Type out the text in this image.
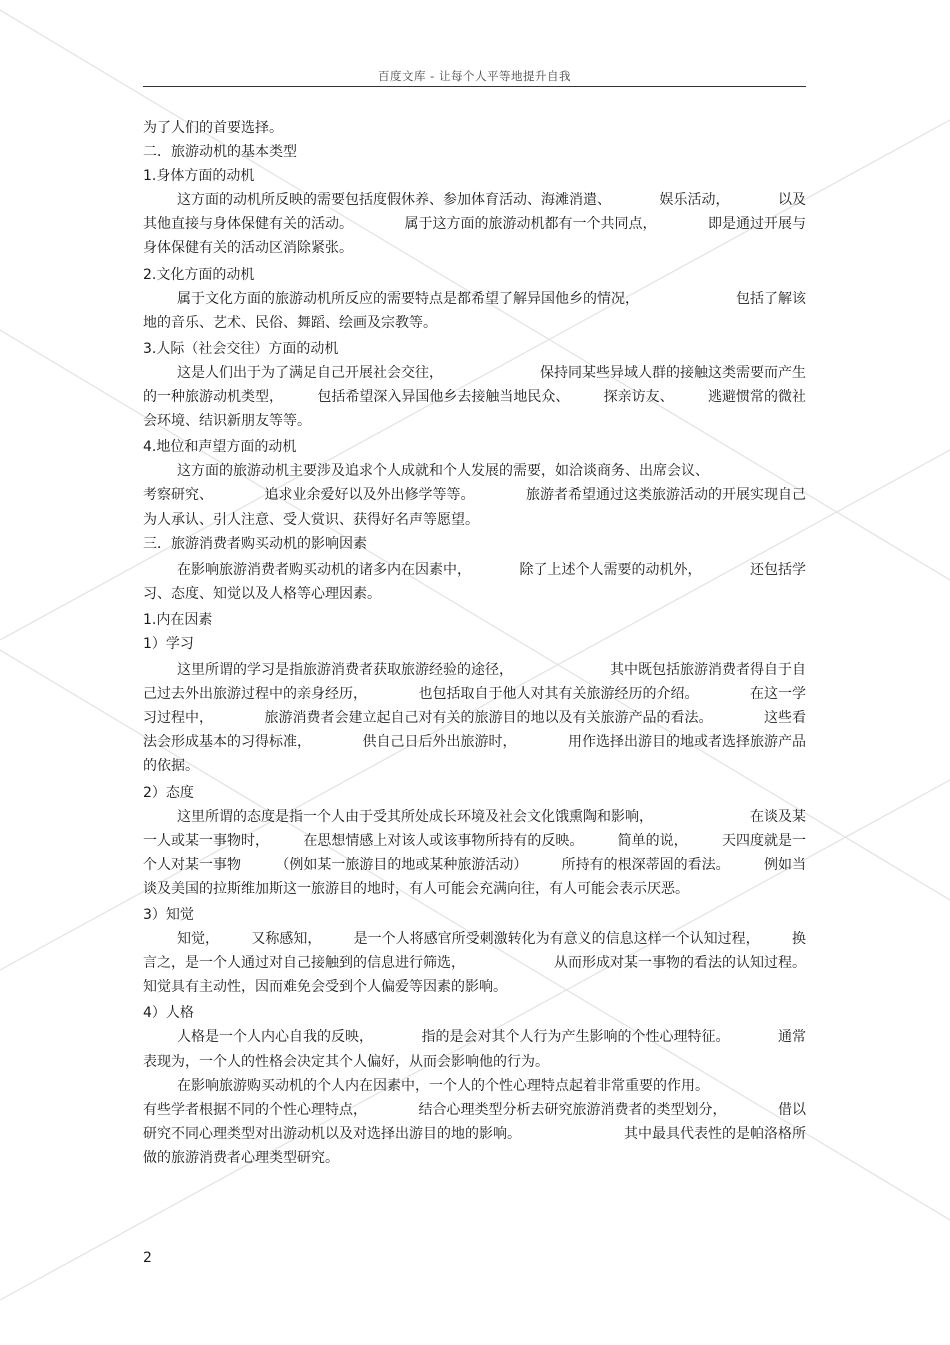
百度文库 - 让每个人平等地提升自我
为了人们的首要选择。
二．旅游动机的基本类型
1.身体方面的动机
这方面的动机所反映的需要包括度假休养、参加体育活动、海滩消遣、	娱乐活动，	以及
其他直接与身体保健有关的活动。	属于这方面的旅游动机都有一个共同点，	即是通过开展与
身体保健有关的活动区消除紧张。
2.文化方面的动机
属于文化方面的旅游动机所反应的需要特点是都希望了解异国他乡的情况，	包括了解该
地的音乐、艺术、民俗、舞蹈、绘画及宗教等。
3.人际（社会交往）方面的动机
这是人们出于为了满足自己开展社会交往，	保持同某些异域人群的接触这类需要而产生
的一种旅游动机类型， 包括希望深入异国他乡去接触当地民众、 探亲访友、 逃避惯常的微社
会环境、结识新朋友等等。
4.地位和声望方面的动机
这方面的旅游动机主要涉及追求个人成就和个人发展的需要，如洽谈商务、出席会议、
考察研究、	追求业余爱好以及外出修学等等。	旅游者希望通过这类旅游活动的开展实现自己
为人承认、引人注意、受人赏识、获得好名声等愿望。
三．旅游消费者购买动机的影响因素
在影响旅游消费者购买动机的诸多内在因素中，	除了上述个人需要的动机外，	还包括学
习、态度、知觉以及人格等心理因素。
1.内在因素
1）学习
这里所谓的学习是指旅游消费者获取旅游经验的途径，	其中既包括旅游消费者得自于自
己过去外出旅游过程中的亲身经历，	也包括取自于他人对其有关旅游经历的介绍。	在这一学
习过程中，	旅游消费者会建立起自己对有关的旅游目的地以及有关旅游产品的看法。	这些看
法会形成基本的习得标准，	供自己日后外出旅游时，	用作选择出游目的地或者选择旅游产品
的依据。
2）态度
这里所谓的态度是指一个人由于受其所处成长环境及社会文化饿熏陶和影响，	在谈及某
一人或某一事物时， 在思想情感上对该人或该事物所持有的反映。 简单的说， 天四度就是一
个人对某一事物 （例如某一旅游目的地或某种旅游活动） 所持有的根深蒂固的看法。 例如当
谈及美国的拉斯维加斯这一旅游目的地时，有人可能会充满向往，有人可能会表示厌恶。
3）知觉
知觉， 又称感知， 是一个人将感官所受刺激转化为有意义的信息这样一个认知过程， 换
言之，是一个人通过对自己接触到的信息进行筛选，	从而形成对某一事物的看法的认知过程。
知觉具有主动性，因而难免会受到个人偏爱等因素的影响。
4）人格
人格是一个人内心自我的反映，	指的是会对其个人行为产生影响的个性心理特征。	通常
表现为，一个人的性格会决定其个人偏好，从而会影响他的行为。
在影响旅游购买动机的个人内在因素中，一个人的个性心理特点起着非常重要的作用。
有些学者根据不同的个性心理特点，	结合心理类型分析去研究旅游消费者的类型划分，	借以
研究不同心理类型对出游动机以及对选择出游目的地的影响。	其中最具代表性的是帕洛格所
做的旅游消费者心理类型研究。
2
